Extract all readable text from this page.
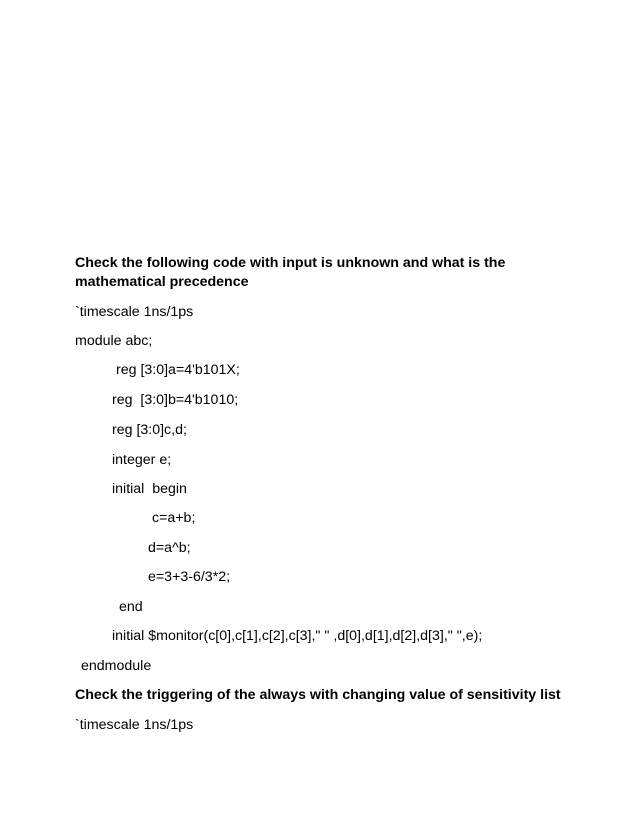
Check the following code with input is unknown and what is the
mathematical precedence
`timescale 1ns/1ps
module abc;
reg [3:0]a=4'b101X;
reg  [3:0]b=4'b1010;
reg [3:0]c,d;
integer e;
initial  begin
c=a+b;
d=a^b;
e=3+3-6/3*2;
end
initial $monitor(c[0],c[1],c[2],c[3]," " ,d[0],d[1],d[2],d[3]," ",e);
endmodule
Check the triggering of the always with changing value of sensitivity list
`timescale 1ns/1ps
